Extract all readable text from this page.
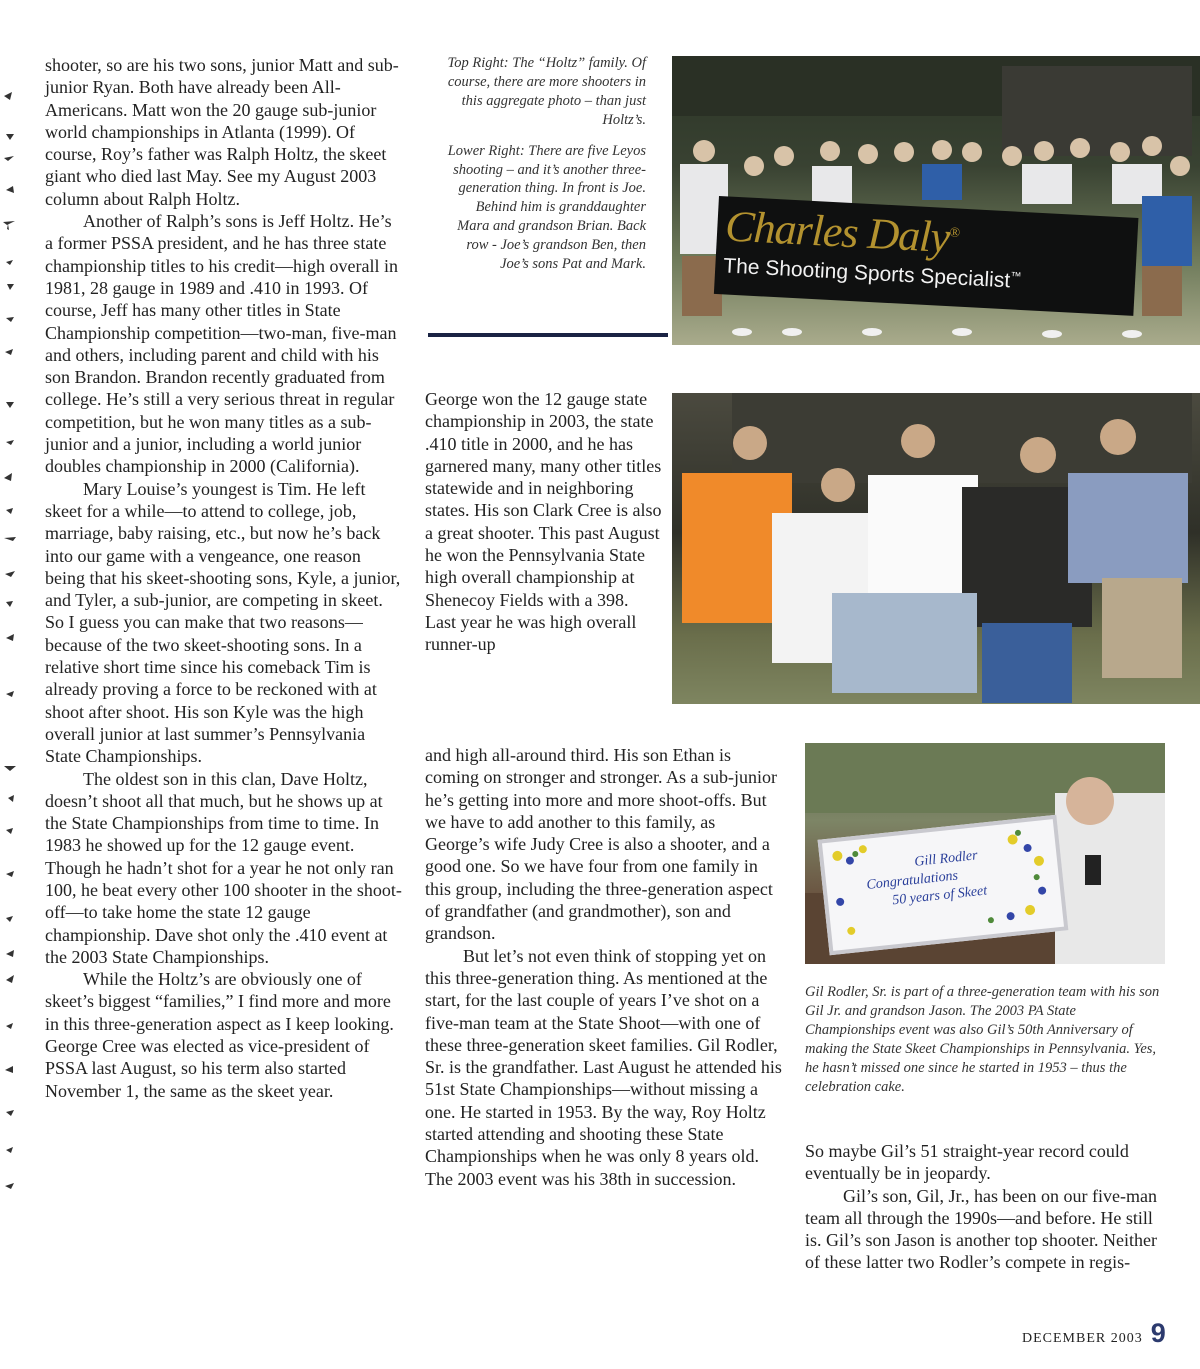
shooter, so are his two sons, junior Matt and sub-junior Ryan. Both have already been All-Americans. Matt won the 20 gauge sub-junior world championships in Atlanta (1999). Of course, Roy’s father was Ralph Holtz, the skeet giant who died last May. See my August 2003 column about Ralph Holtz.

Another of Ralph’s sons is Jeff Holtz. He’s a former PSSA president, and he has three state championship titles to his credit—high overall in 1981, 28 gauge in 1989 and .410 in 1993. Of course, Jeff has many other titles in State Championship competition—two-man, five-man and others, including parent and child with his son Brandon. Brandon recently graduated from college. He’s still a very serious threat in regular competition, but he won many titles as a sub-junior and a junior, including a world junior doubles championship in 2000 (California).

Mary Louise’s youngest is Tim. He left skeet for a while—to attend to college, job, marriage, baby raising, etc., but now he’s back into our game with a vengeance, one reason being that his skeet-shooting sons, Kyle, a junior, and Tyler, a sub-junior, are competing in skeet. So I guess you can make that two reasons—because of the two skeet-shooting sons. In a relative short time since his comeback Tim is already proving a force to be reckoned with at shoot after shoot. His son Kyle was the high overall junior at last summer’s Pennsylvania State Championships.

The oldest son in this clan, Dave Holtz, doesn’t shoot all that much, but he shows up at the State Championships from time to time. In 1983 he showed up for the 12 gauge event. Though he hadn’t shot for a year he not only ran 100, he beat every other 100 shooter in the shoot-off—to take home the state 12 gauge championship. Dave shot only the .410 event at the 2003 State Championships.

While the Holtz’s are obviously one of skeet’s biggest “families,” I find more and more in this three-generation aspect as I keep looking. George Cree was elected as vice-president of PSSA last August, so his term also started November 1, the same as the skeet year.

Top Right: The “Holtz” family. Of course, there are more shooters in this aggregate photo – than just Holtz’s.

Lower Right: There are five Leyos shooting – and it’s another three-generation thing. In front is Joe. Behind him is granddaughter Mara and grandson Brian. Back row - Joe’s grandson Ben, then Joe’s sons Pat and Mark.

Charles Daly®
The Shooting Sports Specialist™

George won the 12 gauge state championship in 2003, the state .410 title in 2000, and he has garnered many, many other titles statewide and in neighboring states. His son Clark Cree is also a great shooter. This past August he won the Pennsylvania State high overall championship at Shenecoy Fields with a 398. Last year he was high overall runner-up

and high all-around third. His son Ethan is coming on stronger and stronger. As a sub-junior he’s getting into more and more shoot-offs. But we have to add another to this family, as George’s wife Judy Cree is also a shooter, and a good one. So we have four from one family in this group, including the three-generation aspect of grandfather (and grandmother), son and grandson.

But let’s not even think of stopping yet on this three-generation thing. As mentioned at the start, for the last couple of years I’ve shot on a five-man team at the State Shoot—with one of these three-generation skeet families. Gil Rodler, Sr. is the grandfather. Last August he attended his 51st State Championships—without missing a one. He started in 1953. By the way, Roy Holtz started attending and shooting these State Championships when he was only 8 years old. The 2003 event was his 38th in succession.

Gill Rodler
Congratulations
50 years of Skeet

Gil Rodler, Sr. is part of a three-generation team with his son Gil Jr. and grandson Jason. The 2003 PA State Championships event was also Gil’s 50th Anniversary of making the State Skeet Championships in Pennsylvania. Yes, he hasn’t missed one since he started in 1953 – thus the celebration cake.

So maybe Gil’s 51 straight-year record could eventually be in jeopardy.

Gil’s son, Gil, Jr., has been on our five-man team all through the 1990s—and before. He still is. Gil’s son Jason is another top shooter. Neither of these latter two Rodler’s compete in regis-

DECEMBER 2003 9
